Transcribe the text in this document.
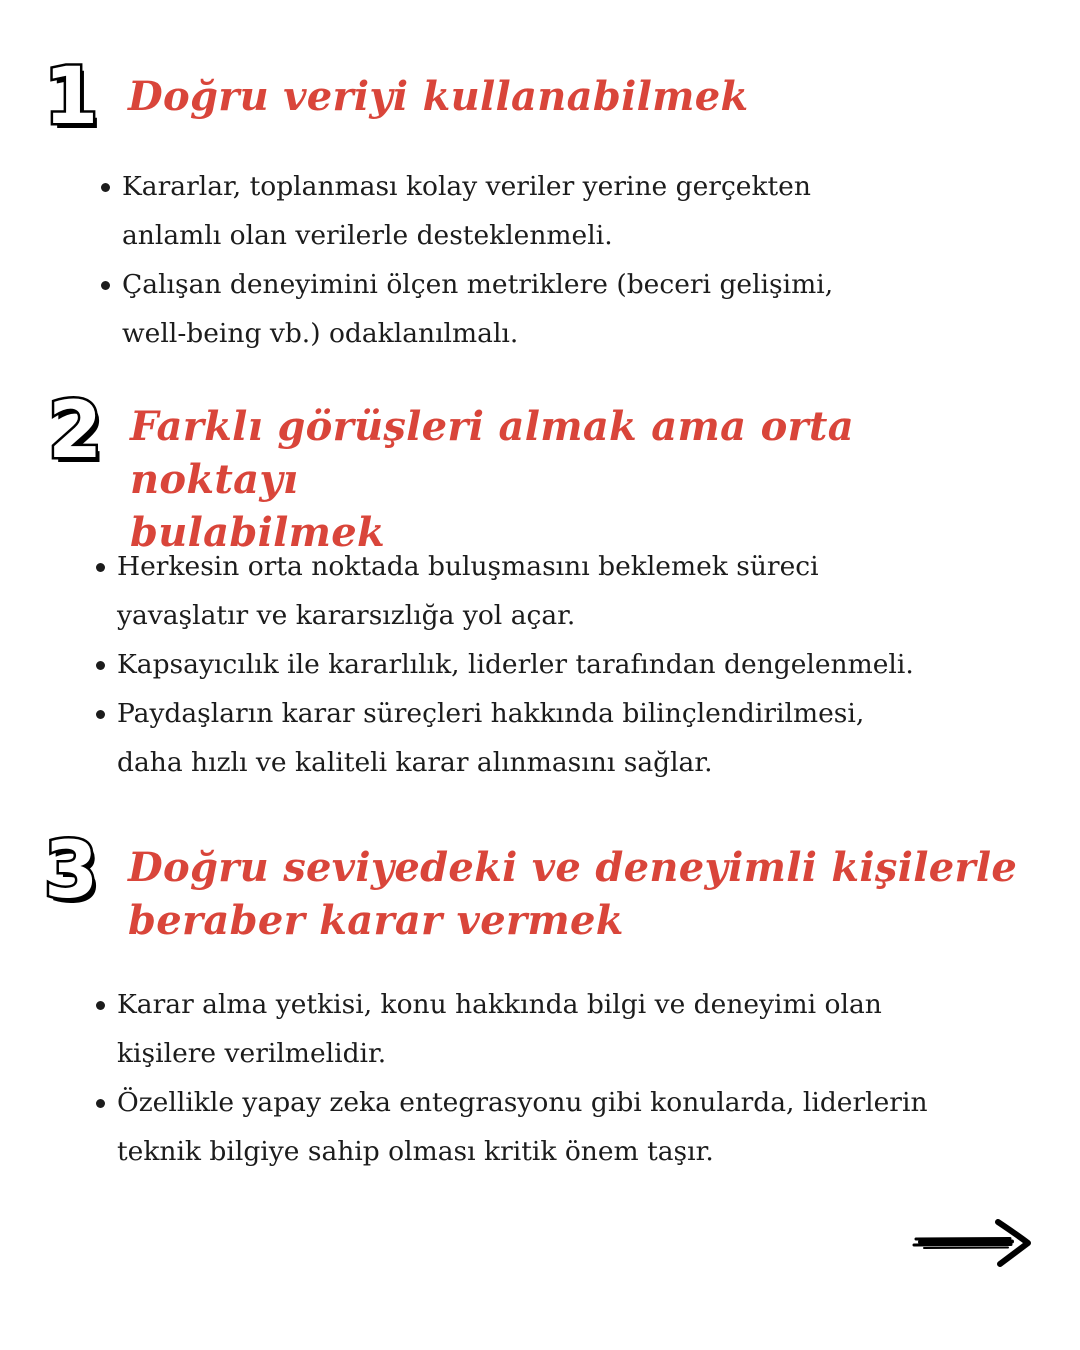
1 Doğru veriyi kullanabilmek
Kararlar, toplanması kolay veriler yerine gerçekten
anlamlı olan verilerle desteklenmeli.
Çalışan deneyimini ölçen metriklere (beceri gelişimi,
well-being vb.) odaklanılmalı.
2 Farklı görüşleri almak ama orta noktayı
bulabilmek
Herkesin orta noktada buluşmasını beklemek süreci
yavaşlatır ve kararsızlığa yol açar.
Kapsayıcılık ile kararlılık, liderler tarafından dengelenmeli.
Paydaşların karar süreçleri hakkında bilinçlendirilmesi,
daha hızlı ve kaliteli karar alınmasını sağlar.
3 Doğru seviyedeki ve deneyimli kişilerle
beraber karar vermek
Karar alma yetkisi, konu hakkında bilgi ve deneyimi olan
kişilere verilmelidir.
Özellikle yapay zeka entegrasyonu gibi konularda, liderlerin
teknik bilgiye sahip olması kritik önem taşır.
